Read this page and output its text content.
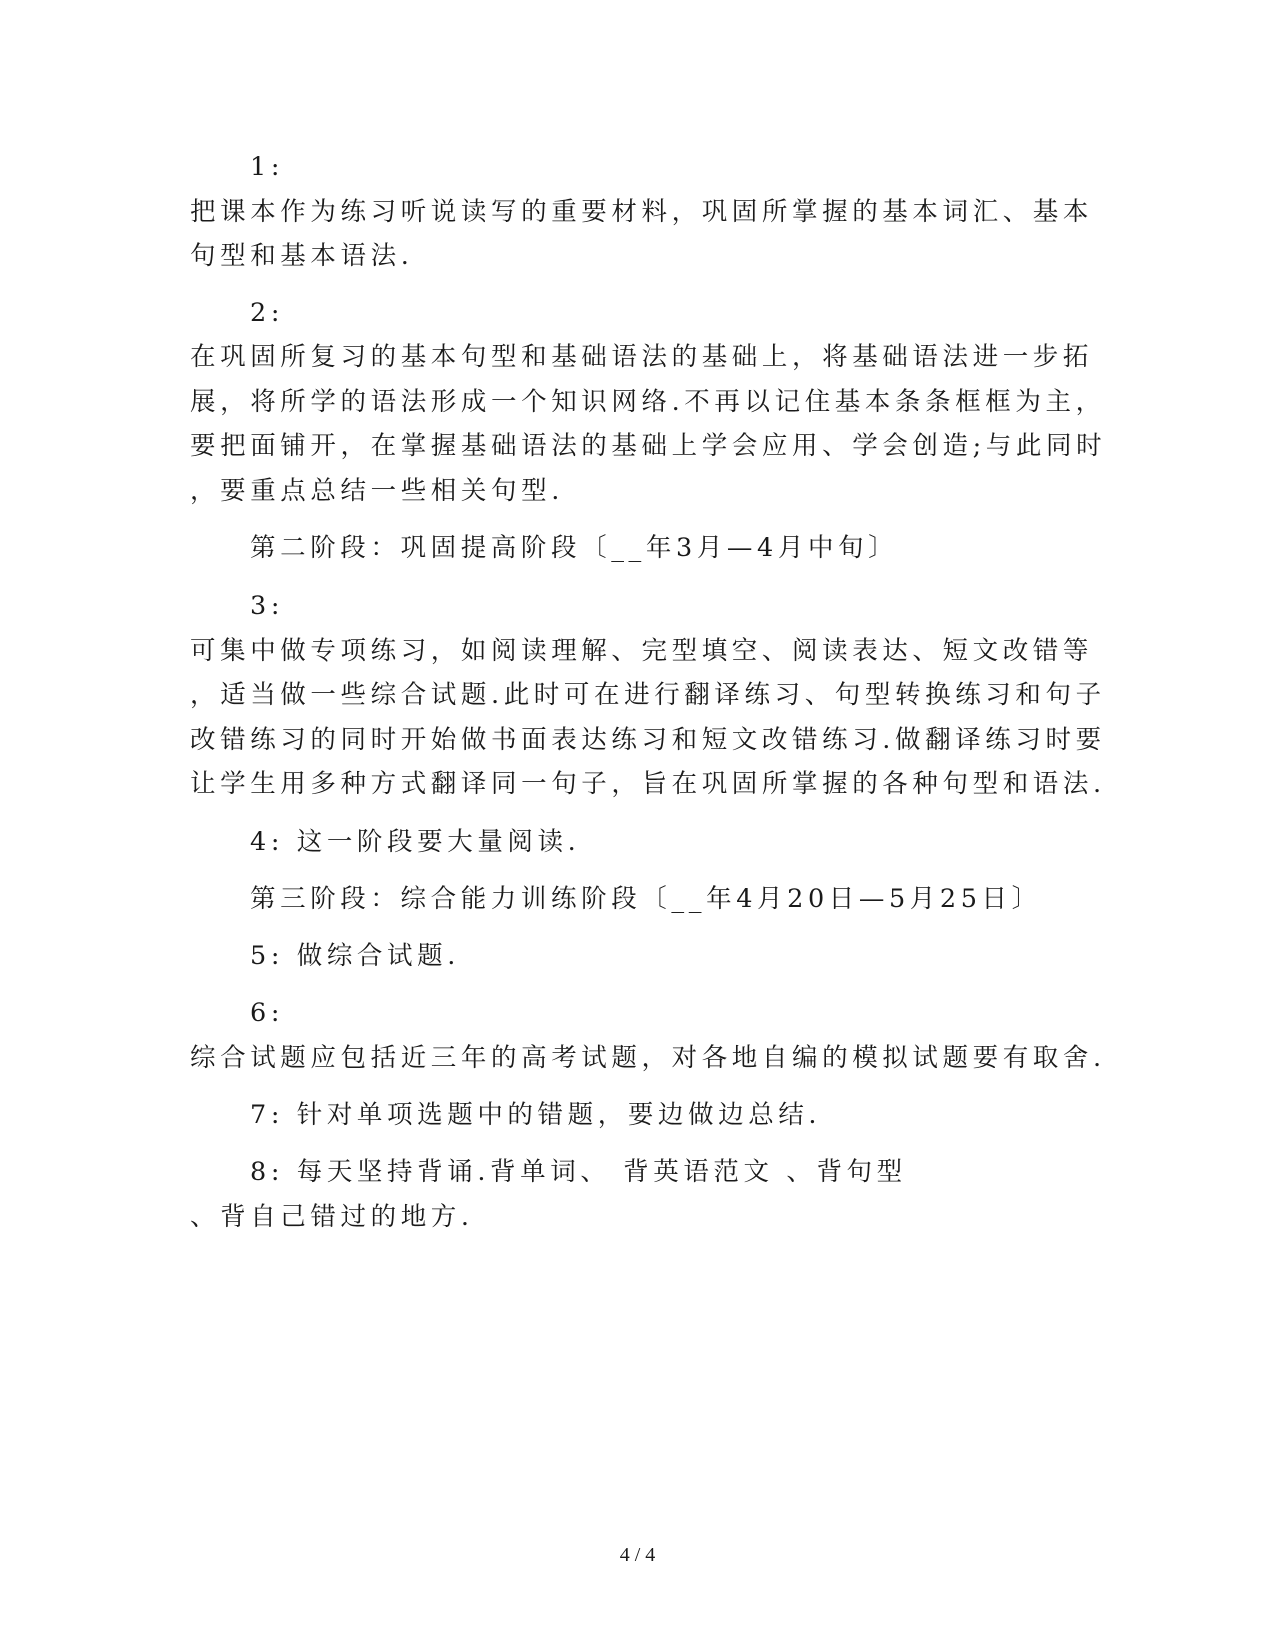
1:
把课本作为练习听说读写的重要材料，巩固所掌握的基本词汇、基本
句型和基本语法.
2:
在巩固所复习的基本句型和基础语法的基础上，将基础语法进一步拓
展，将所学的语法形成一个知识网络.不再以记住基本条条框框为主，
要把面铺开，在掌握基础语法的基础上学会应用、学会创造;与此同时
，要重点总结一些相关句型.
第二阶段：巩固提高阶段〔__年3月—4月中旬〕
3:
可集中做专项练习，如阅读理解、完型填空、阅读表达、短文改错等
，适当做一些综合试题.此时可在进行翻译练习、句型转换练习和句子
改错练习的同时开始做书面表达练习和短文改错练习.做翻译练习时要
让学生用多种方式翻译同一句子，旨在巩固所掌握的各种句型和语法.
4: 这一阶段要大量阅读.
第三阶段：综合能力训练阶段〔__年4月20日—5月25日〕
5: 做综合试题.
6:
综合试题应包括近三年的高考试题，对各地自编的模拟试题要有取舍.
7: 针对单项选题中的错题，要边做边总结.
8: 每天坚持背诵.背单词、 背英语范文 、背句型
、背自己错过的地方.
4 / 4
